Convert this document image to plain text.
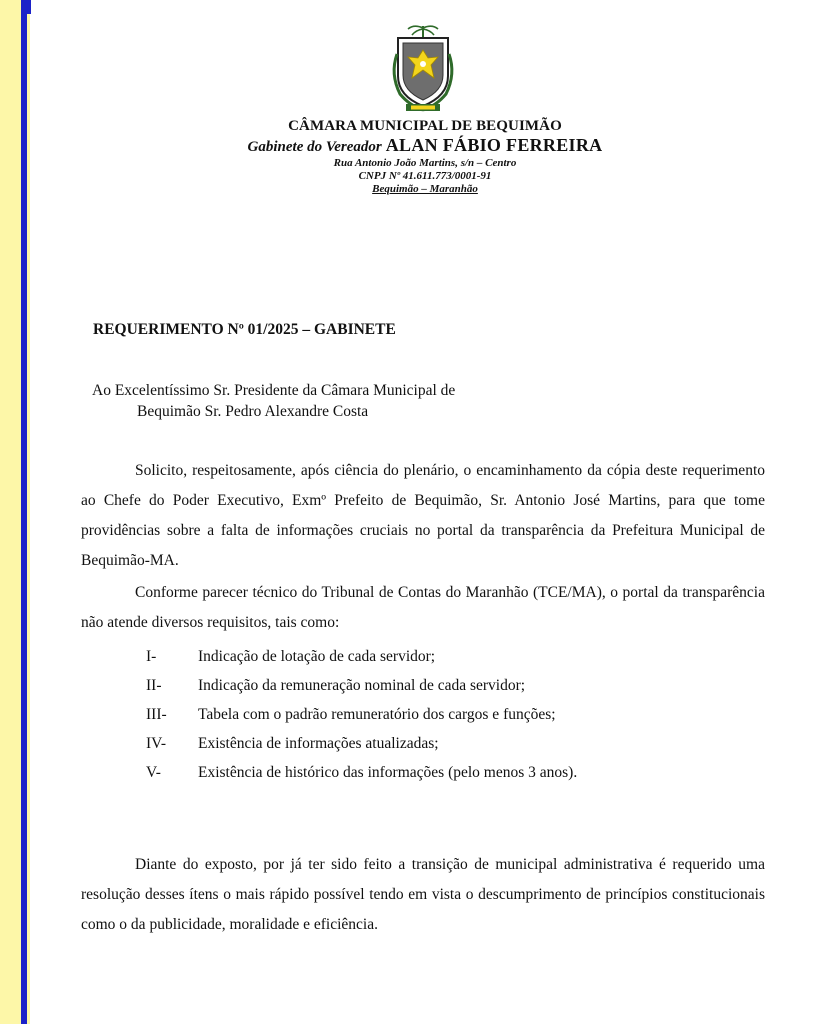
CÂMARA MUNICIPAL DE BEQUIMÃO
Gabinete do Vereador ALAN FÁBIO FERREIRA
Rua Antonio João Martins, s/n – Centro
CNPJ Nº 41.611.773/0001-91
Bequimão – Maranhão
REQUERIMENTO Nº 01/2025 – GABINETE
Ao Excelentíssimo Sr. Presidente da Câmara Municipal de
Bequimão Sr. Pedro Alexandre Costa
Solicito, respeitosamente, após ciência do plenário, o encaminhamento da cópia deste requerimento ao Chefe do Poder Executivo, Exmº Prefeito de Bequimão, Sr. Antonio José Martins, para que tome providências sobre a falta de informações cruciais no portal da transparência da Prefeitura Municipal de Bequimão-MA.
Conforme parecer técnico do Tribunal de Contas do Maranhão (TCE/MA), o portal da transparência não atende diversos requisitos, tais como:
I-	Indicação de lotação de cada servidor;
II- Indicação da remuneração nominal de cada servidor;
III- Tabela com o padrão remuneratório dos cargos e funções;
IV- Existência de informações atualizadas;
V- Existência de histórico das informações (pelo menos 3 anos).
Diante do exposto, por já ter sido feito a transição de municipal administrativa é requerido uma resolução desses ítens o mais rápido possível tendo em vista o descumprimento de princípios constitucionais como o da publicidade, moralidade e eficiência.
